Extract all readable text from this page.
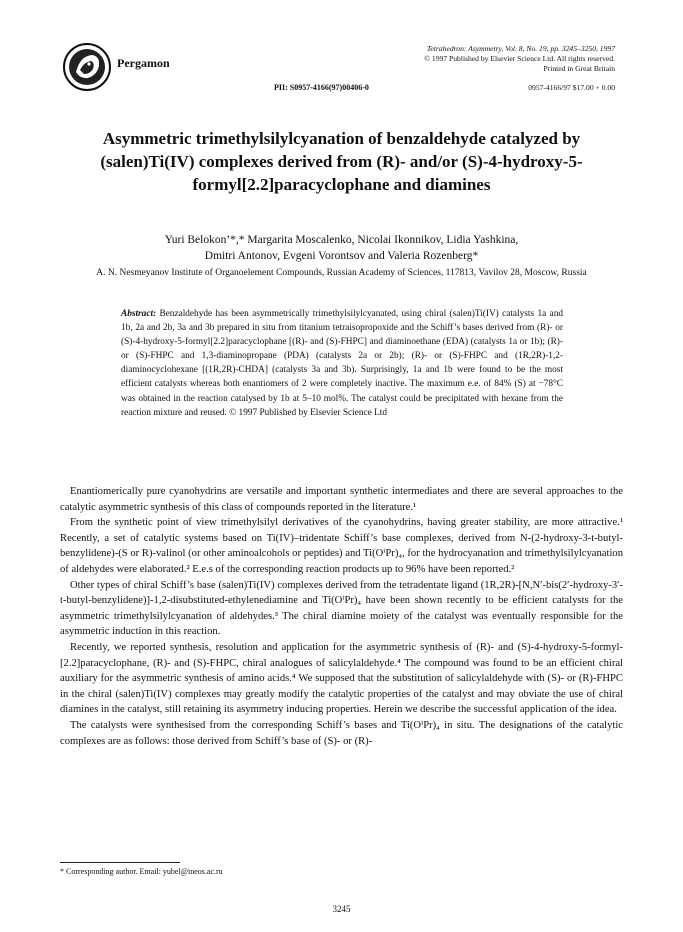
Pergamon
Tetrahedron: Asymmetry, Vol. 8, No. 19, pp. 3245–3250, 1997
© 1997 Published by Elsevier Science Ltd. All rights reserved.
Printed in Great Britain
PII: S0957-4166(97)00406-0	0957-4166/97 $17.00 + 0.00
Asymmetric trimethylsilylcyanation of benzaldehyde catalyzed by (salen)Ti(IV) complexes derived from (R)- and/or (S)-4-hydroxy-5-formyl[2.2]paracyclophane and diamines
Yuri Belokon’*,* Margarita Moscalenko, Nicolai Ikonnikov, Lidia Yashkina,
Dmitri Antonov, Evgeni Vorontsov and Valeria Rozenberg*
A. N. Nesmeyanov Institute of Organoelement Compounds, Russian Academy of Sciences, 117813, Vavilov 28, Moscow, Russia
Abstract: Benzaldehyde has been asymmetrically trimethylsilylcyanated, using chiral (salen)Ti(IV) catalysts 1a and 1b, 2a and 2b, 3a and 3b prepared in situ from titanium tetraisopropoxide and the Schiff’s bases derived from (R)- or (S)-4-hydroxy-5-formyl[2.2]paracyclophane [(R)- and (S)-FHPC] and diaminoethane (EDA) (catalysts 1a or 1b); (R)- or (S)-FHPC and 1,3-diaminopropane (PDA) (catalysts 2a or 2b); (R)- or (S)-FHPC and (1R,2R)-1,2-diaminocyclohexane [(1R,2R)-CHDA] (catalysts 3a and 3b). Surprisingly, 1a and 1b were found to be the most efficient catalysts whereas both enantiomers of 2 were completely inactive. The maximum e.e. of 84% (S) at −78°C was obtained in the reaction catalysed by 1b at 5–10 mol%. The catalyst could be precipitated with hexane from the reaction mixture and reused. © 1997 Published by Elsevier Science Ltd

Enantiomerically pure cyanohydrins are versatile and important synthetic intermediates and there are several approaches to the catalytic asymmetric synthesis of this class of compounds reported in the literature.¹

From the synthetic point of view trimethylsilyl derivatives of the cyanohydrins, having greater stability, are more attractive.¹ Recently, a set of catalytic systems based on Ti(IV)–tridentate Schiff’s base complexes, derived from N-(2-hydroxy-3-t-butyl-benzylidene)-(S or R)-valinol (or other aminoalcohols or peptides) and Ti(OⁱPr)₄, for the hydrocyanation and trimethylsilylcyanation of aldehydes were elaborated.² E.e.s of the corresponding reaction products up to 96% have been reported.²

Other types of chiral Schiff’s base (salen)Ti(IV) complexes derived from the tetradentate ligand (1R,2R)-[N,N′-bis(2′-hydroxy-3′-t-butyl-benzylidene)]-1,2-disubstituted-ethylenediamine and Ti(OⁱPr)₄ have been shown recently to be efficient catalysts for the asymmetric trimethylsilylcyanation of aldehydes.³ The chiral diamine moiety of the catalyst was eventually responsible for the asymmetric induction in this reaction.

Recently, we reported synthesis, resolution and application for the asymmetric synthesis of (R)- and (S)-4-hydroxy-5-formyl-[2.2]paracyclophane, (R)- and (S)-FHPC, chiral analogues of salicylaldehyde.⁴ The compound was found to be an efficient chiral auxiliary for the asymmetric synthesis of amino acids.⁴ We supposed that the substitution of salicylaldehyde with (S)- or (R)-FHPC in the chiral (salen)Ti(IV) complexes may greatly modify the catalytic properties of the catalyst and may obviate the use of chiral diamines in the catalyst, still retaining its asymmetry inducing properties. Herein we describe the successful application of the idea.

The catalysts were synthesised from the corresponding Schiff’s bases and Ti(OⁱPr)₄ in situ. The designations of the catalytic complexes are as follows: those derived from Schiff’s base of (S)- or (R)-

* Corresponding author. Email: yubel@ineos.ac.ru
3245
